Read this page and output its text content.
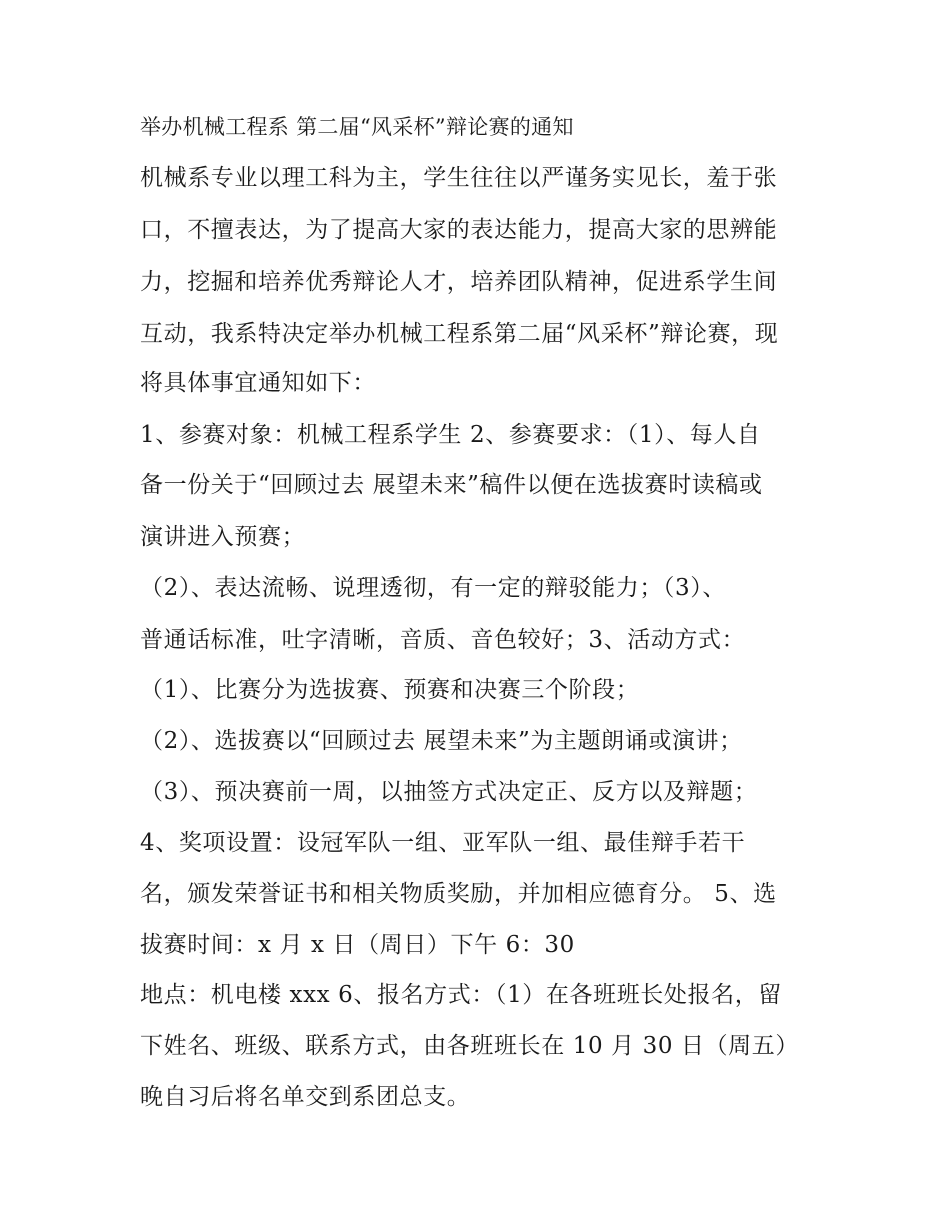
举办机械工程系 第二届“风采杯”辩论赛的通知
机械系专业以理工科为主，学生往往以严谨务实见长，羞于张
口，不擅表达，为了提高大家的表达能力，提高大家的思辨能
力，挖掘和培养优秀辩论人才，培养团队精神，促进系学生间
互动，我系特决定举办机械工程系第二届“风采杯”辩论赛，现
将具体事宜通知如下：
1、参赛对象：机械工程系学生 2、参赛要求：（1）、每人自
备一份关于“回顾过去 展望未来”稿件以便在选拔赛时读稿或
演讲进入预赛；
（2）、表达流畅、说理透彻，有一定的辩驳能力；（3）、
普通话标准，吐字清晰，音质、音色较好；3、活动方式：
（1）、比赛分为选拔赛、预赛和决赛三个阶段；
（2）、选拔赛以“回顾过去 展望未来”为主题朗诵或演讲；
（3）、预决赛前一周，以抽签方式决定正、反方以及辩题；
4、奖项设置：设冠军队一组、亚军队一组、最佳辩手若干
名，颁发荣誉证书和相关物质奖励，并加相应德育分。 5、选
拔赛时间：x 月 x 日（周日）下午 6：30
地点：机电楼 xxx 6、报名方式：（1）在各班班长处报名，留
下姓名、班级、联系方式，由各班班长在 10 月 30 日（周五）
晚自习后将名单交到系团总支。
